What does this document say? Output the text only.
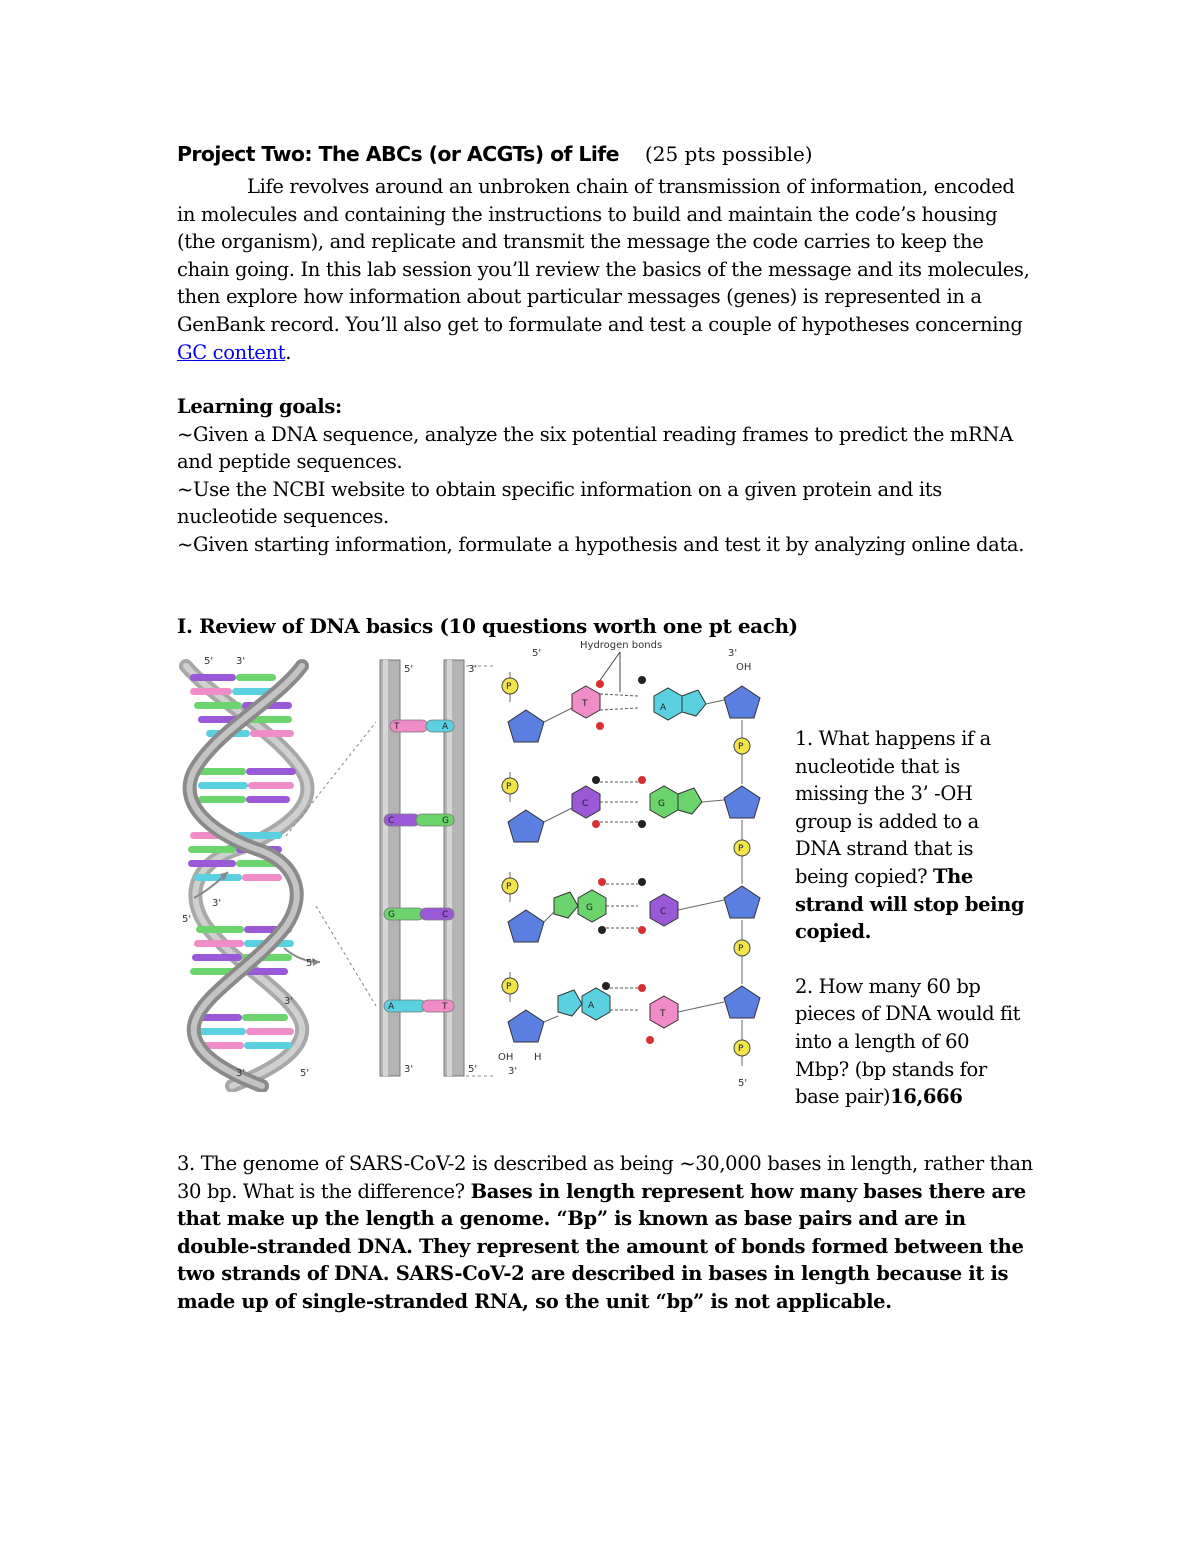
Project Two: The ABCs (or ACGTs) of Life (25 pts possible)
Life revolves around an unbroken chain of transmission of information, encoded in molecules and containing the instructions to build and maintain the code’s housing (the organism), and replicate and transmit the message the code carries to keep the chain going. In this lab session you’ll review the basics of the message and its molecules, then explore how information about particular messages (genes) is represented in a GenBank record. You’ll also get to formulate and test a couple of hypotheses concerning GC content.
Learning goals:
~Given a DNA sequence, analyze the six potential reading frames to predict the mRNA and peptide sequences.
~Use the NCBI website to obtain specific information on a given protein and its nucleotide sequences.
~Given starting information, formulate a hypothesis and test it by analyzing online data.
I. Review of DNA basics (10 questions worth one pt each)
5' 3'
3'
5'
5'
3'
3'	5'
T	A
C	G
G	C
A	T
5'	3'
3'	5'
5'
Hydrogen bonds
3'
OH
P
P
P
P
OH H
3'
P
P
P
P
5'
T	A
C	G
G	C
A
T
1. What happens if a nucleotide that is missing the 3’ -OH group is added to a DNA strand that is being copied? The strand will stop being copied.
2. How many 60 bp pieces of DNA would fit into a length of 60 Mbp? (bp stands for base pair)16,666
3. The genome of SARS-CoV-2 is described as being ~30,000 bases in length, rather than 30 bp. What is the difference? Bases in length represent how many bases there are that make up the length a genome. “Bp” is known as base pairs and are in double-stranded DNA. They represent the amount of bonds formed between the two strands of DNA. SARS-CoV-2 are described in bases in length because it is made up of single-stranded RNA, so the unit “bp” is not applicable.
